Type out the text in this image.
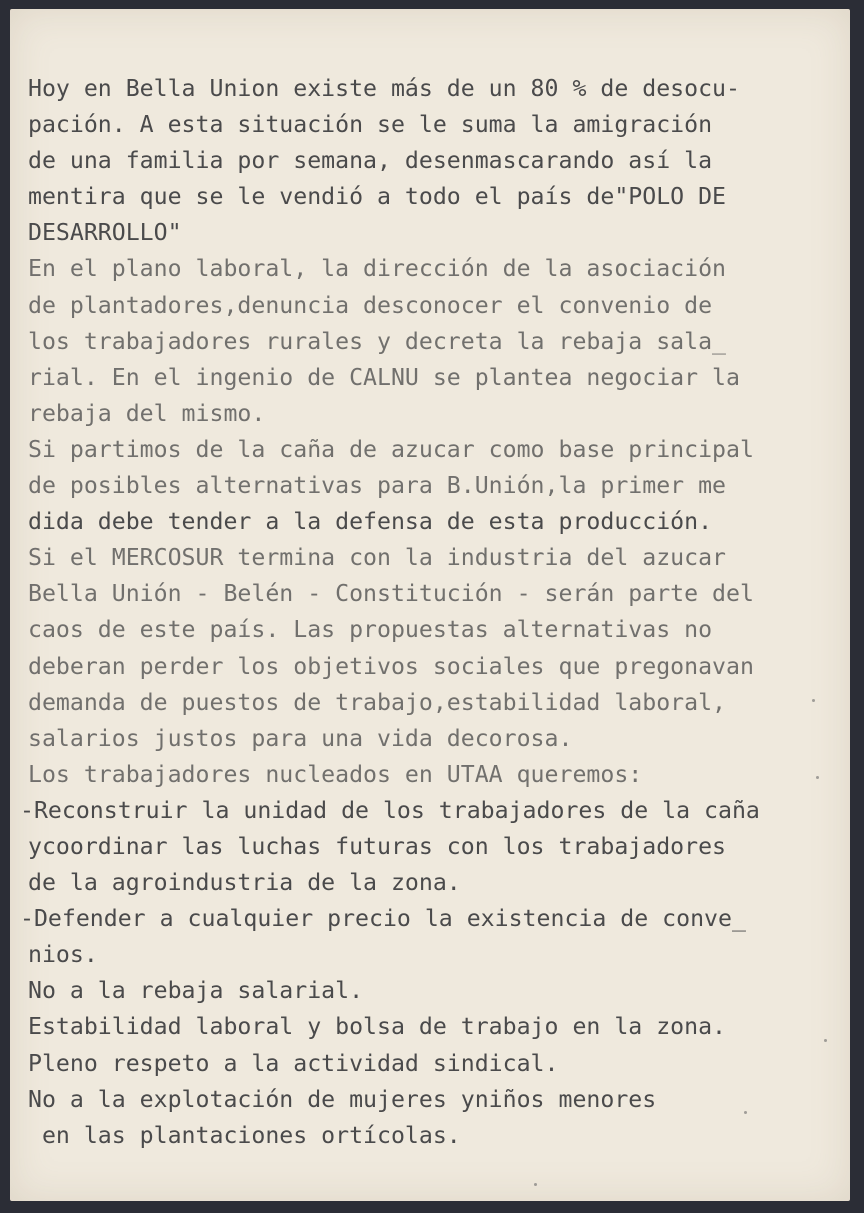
Hoy en Bella Union existe más de un 80 % de desocu-
pación. A esta situación se le suma la amigración
de una familia por semana, desenmascarando así la
mentira que se le vendió a todo el país de"POLO DE
DESARROLLO"
En el plano laboral, la dirección de la asociación
de plantadores,denuncia desconocer el convenio de
los trabajadores rurales y decreta la rebaja sala_
rial. En el ingenio de CALNU se plantea negociar la
rebaja del mismo.
Si partimos de la caña de azucar como base principal
de posibles alternativas para B.Unión,la primer me
dida debe tender a la defensa de esta producción.
Si el MERCOSUR termina con la industria del azucar
Bella Unión - Belén - Constitución - serán parte del
caos de este país. Las propuestas alternativas no
deberan perder los objetivos sociales que pregonavan
demanda de puestos de trabajo,estabilidad laboral,
salarios justos para una vida decorosa.
Los trabajadores nucleados en UTAA queremos:
-Reconstruir la unidad de los trabajadores de la caña
ycoordinar las luchas futuras con los trabajadores
de la agroindustria de la zona.
-Defender a cualquier precio la existencia de conve_
nios.
No a la rebaja salarial.
Estabilidad laboral y bolsa de trabajo en la zona.
Pleno respeto a la actividad sindical.
No a la explotación de mujeres yniños menores
en las plantaciones ortícolas.
